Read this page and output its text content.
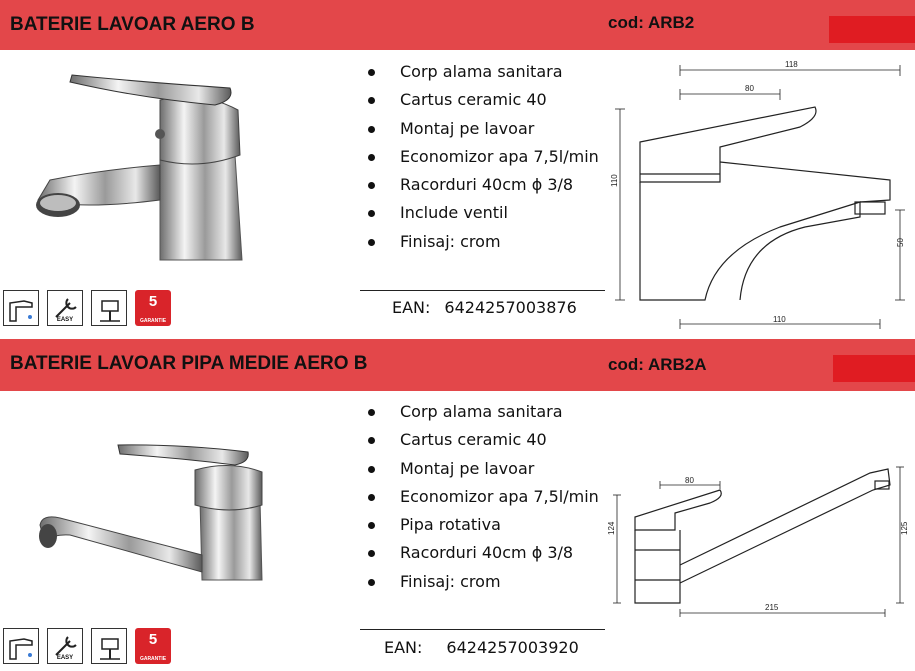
BATERIE LAVOAR AERO B	cod: ARB2
Corp alama sanitara
Cartus ceramic 40
Montaj pe lavoar
Economizor apa 7,5l/min
Racorduri 40cm ϕ 3/8
Include ventil
Finisaj: crom
EAN: 6424257003876
118
80
110
50
110
EASY
5
GARANTIE
BATERIE LAVOAR PIPA MEDIE AERO B	cod: ARB2A
Corp alama sanitara
Cartus ceramic 40
Montaj pe lavoar
Economizor apa 7,5l/min
Pipa rotativa
Racorduri 40cm ϕ 3/8
Finisaj: crom
EAN: 6424257003920
80
124	125
215
EASY
5
GARANTIE
